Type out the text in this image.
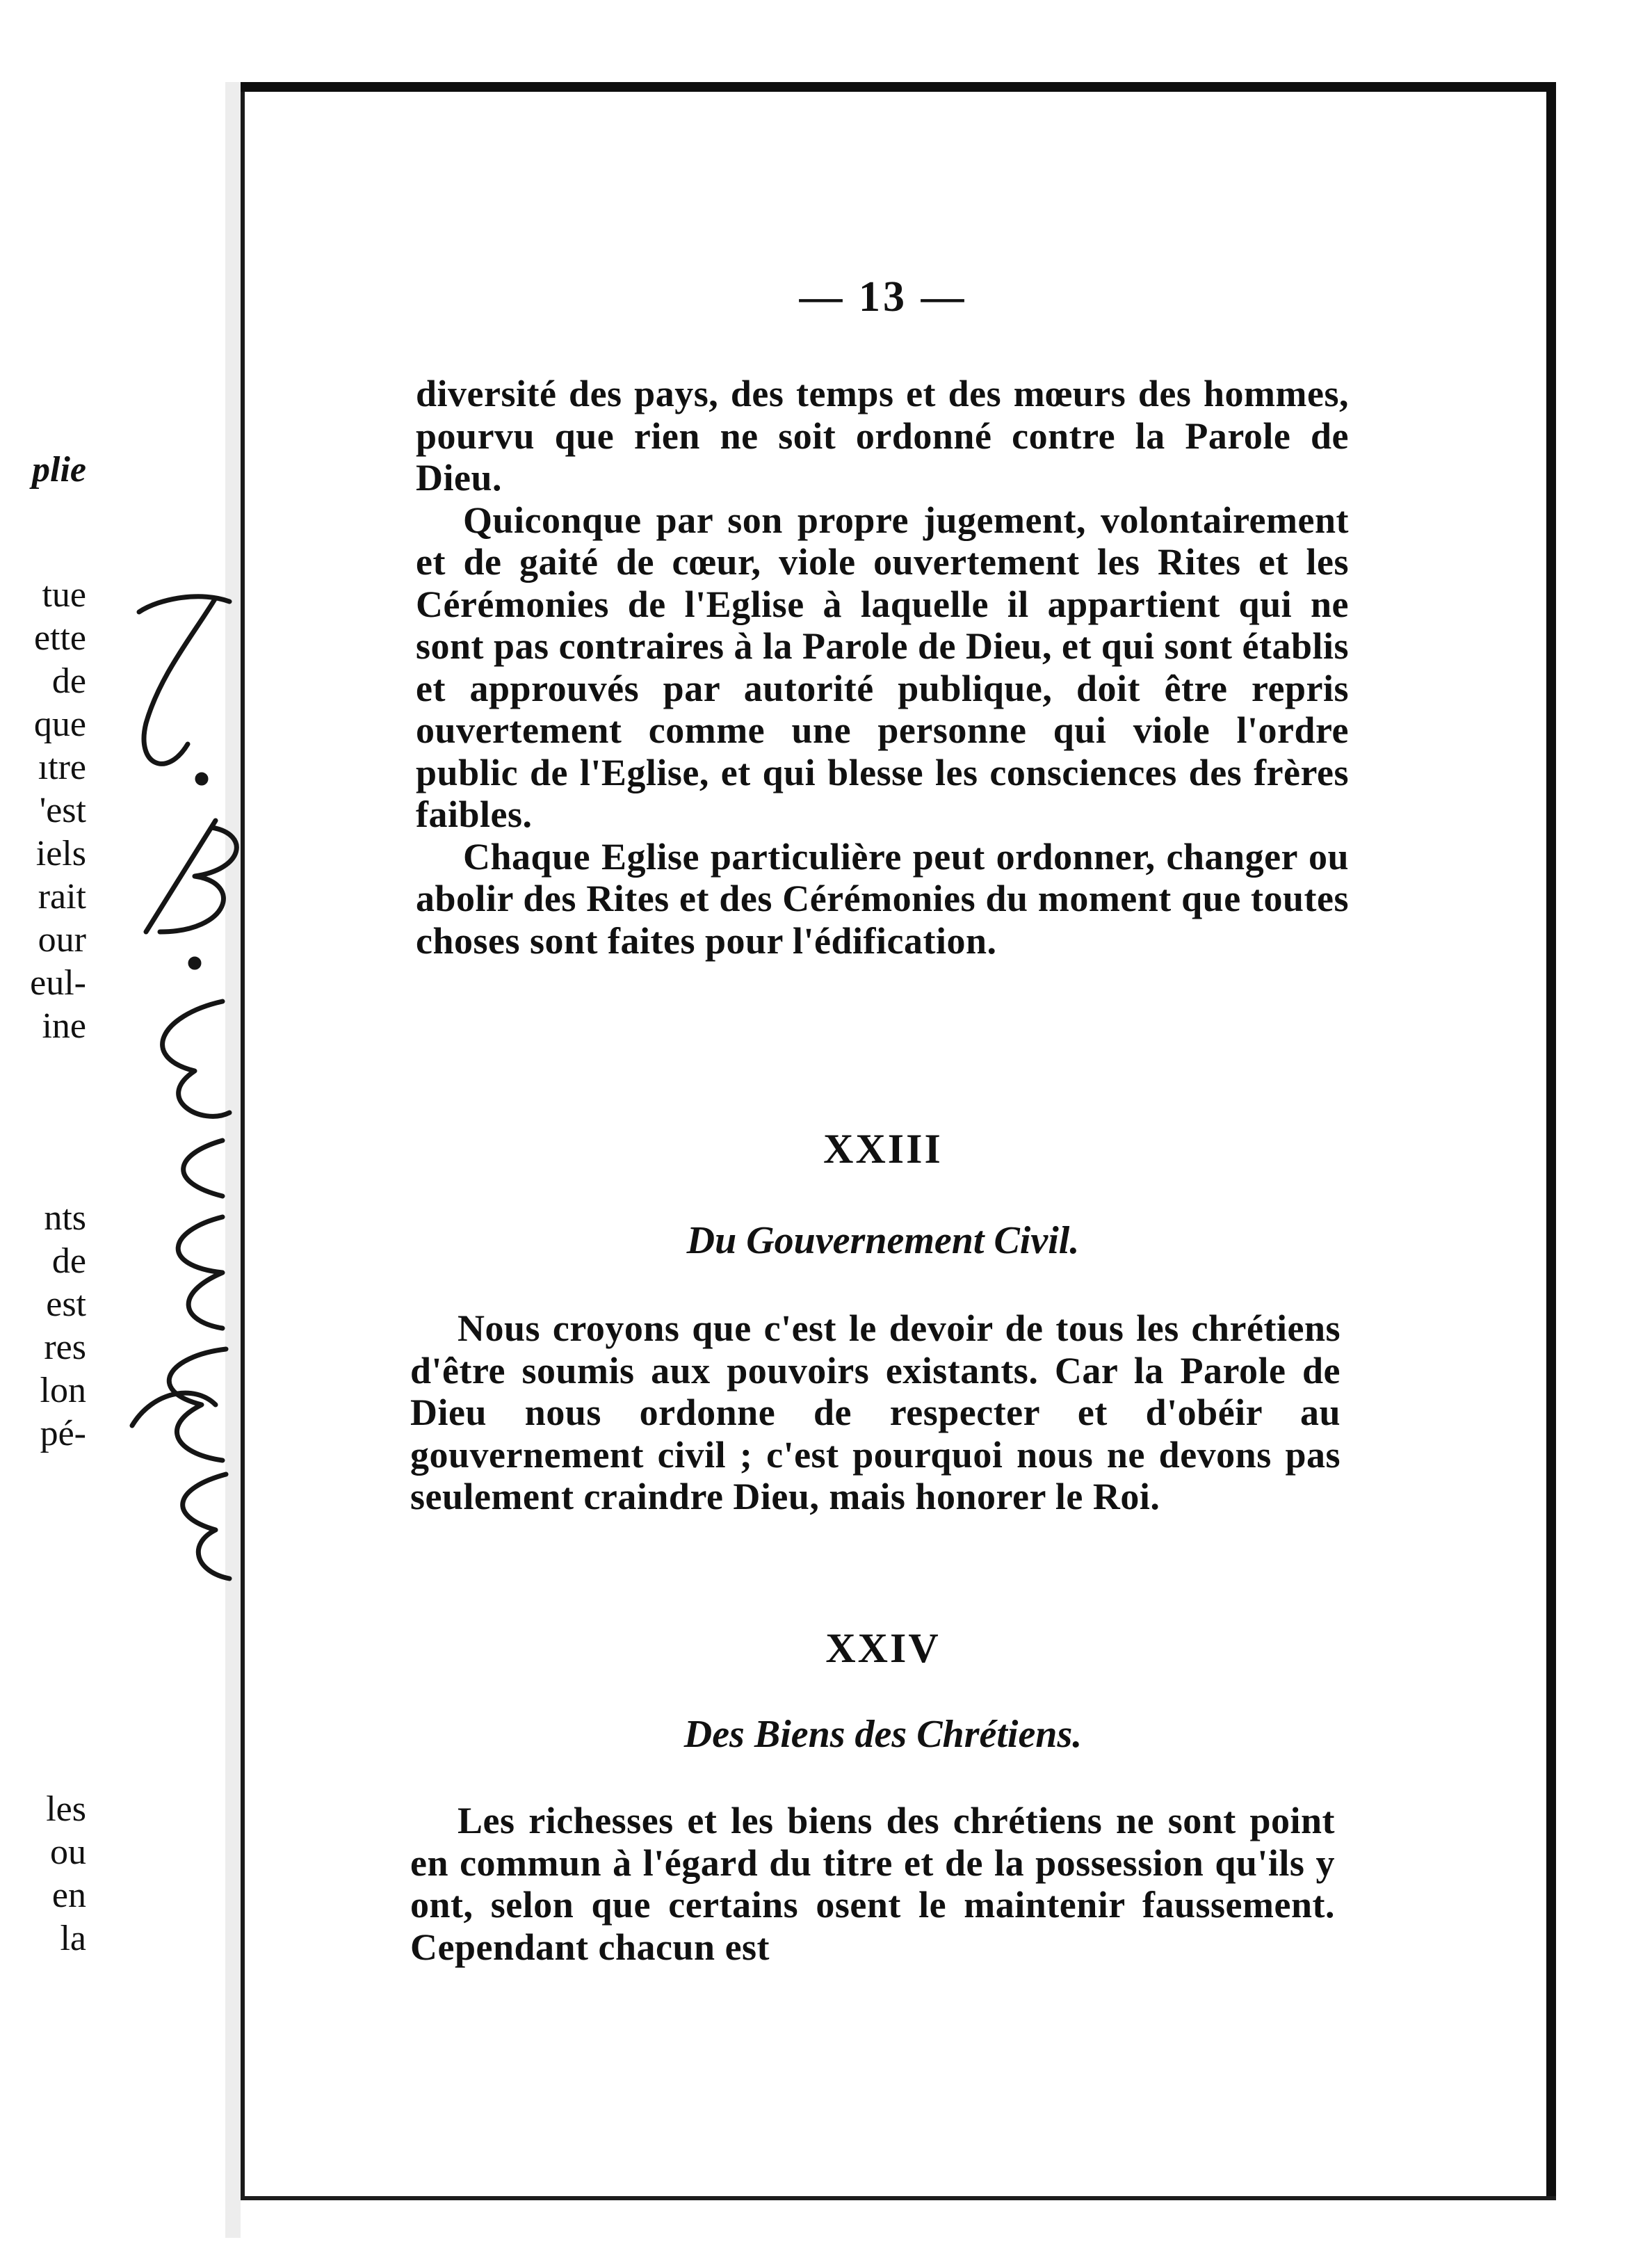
plie
tue
ette
de
que
ıtre
'est
iels
rait
our
eul-
ine
nts
de
est
res
lon
pé-
les
ou
en
la
— 13 —

diversité des pays, des temps et des mœurs des hommes, pourvu que rien ne soit ordonné contre la Parole de Dieu.

Quiconque par son propre jugement, volontairement et de gaité de cœur, viole ouvertement les Rites et les Cérémonies de l'Eglise à laquelle il appartient qui ne sont pas contraires à la Parole de Dieu, et qui sont établis et approuvés par autorité publique, doit être repris ouvertement comme une personne qui viole l'ordre public de l'Eglise, et qui blesse les consciences des frères faibles.

Chaque Eglise particulière peut ordonner, changer ou abolir des Rites et des Cérémonies du moment que toutes choses sont faites pour l'édification.

XXIII
Du Gouvernement Civil.

Nous croyons que c'est le devoir de tous les chrétiens d'être soumis aux pouvoirs existants. Car la Parole de Dieu nous ordonne de respecter et d'obéir au gouvernement civil ; c'est pourquoi nous ne devons pas seulement craindre Dieu, mais honorer le Roi.

XXIV
Des Biens des Chrétiens.

Les richesses et les biens des chrétiens ne sont point en commun à l'égard du titre et de la possession qu'ils y ont, selon que certains osent le maintenir faussement. Cependant chacun est
